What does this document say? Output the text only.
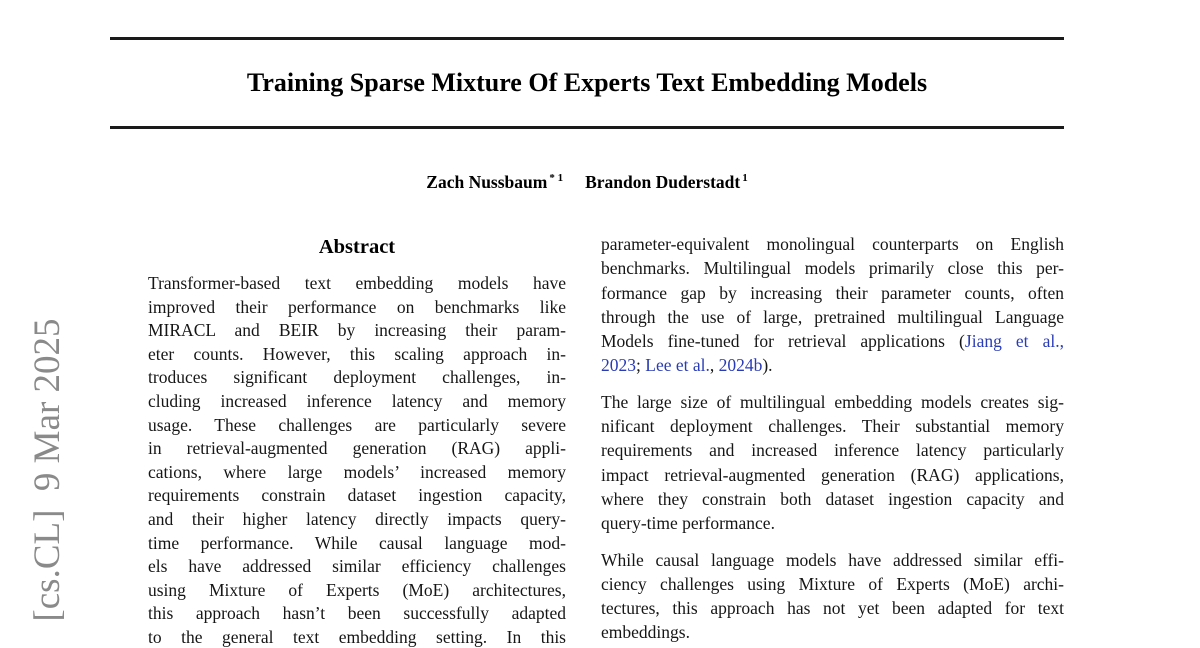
[cs.CL]  9 Mar 2025
Training Sparse Mixture Of Experts Text Embedding Models
Zach Nussbaum $^{* 1}$ Brandon Duderstadt $^1$
Abstract
Transformer-based text embedding models have
improved their performance on benchmarks like
MIRACL and BEIR by increasing their param-
eter counts. However, this scaling approach in-
troduces significant deployment challenges, in-
cluding increased inference latency and memory
usage. These challenges are particularly severe
in retrieval-augmented generation (RAG) appli-
cations, where large models’ increased memory
requirements constrain dataset ingestion capacity,
and their higher latency directly impacts query-
time performance. While causal language mod-
els have addressed similar efficiency challenges
using Mixture of Experts (MoE) architectures,
this approach hasn’t been successfully adapted
to the general text embedding setting. In this
parameter-equivalent monolingual counterparts on English
benchmarks. Multilingual models primarily close this per-
formance gap by increasing their parameter counts, often
through the use of large, pretrained multilingual Language
Models fine-tuned for retrieval applications (Jiang et al.,
2023; Lee et al., 2024b).
The large size of multilingual embedding models creates sig-
nificant deployment challenges. Their substantial memory
requirements and increased inference latency particularly
impact retrieval-augmented generation (RAG) applications,
where they constrain both dataset ingestion capacity and
query-time performance.
While causal language models have addressed similar effi-
ciency challenges using Mixture of Experts (MoE) archi-
tectures, this approach has not yet been adapted for text
embeddings.
